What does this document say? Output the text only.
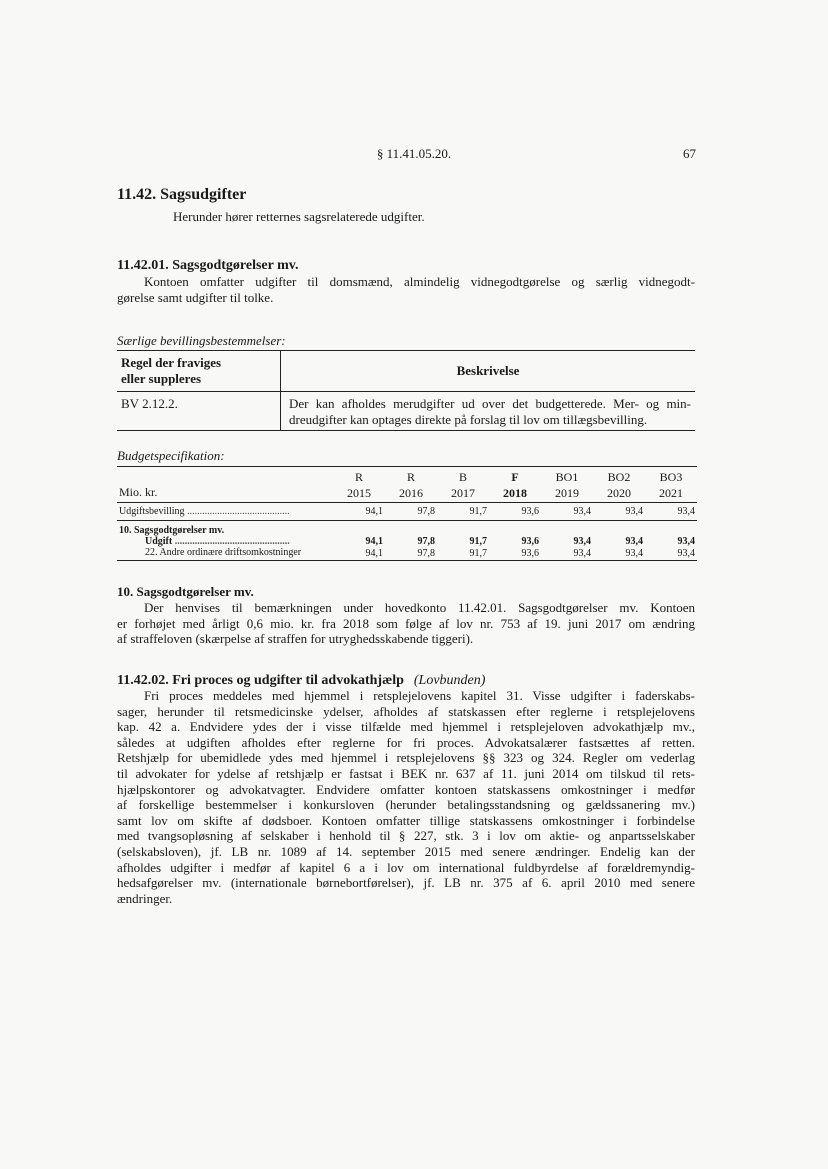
§ 11.41.05.20.	67
11.42. Sagsudgifter
Herunder hører retternes sagsrelaterede udgifter.
11.42.01. Sagsgodtgørelser mv.
Kontoen omfatter udgifter til domsmænd, almindelig vidnegodtgørelse og særlig vidnegodt-
gørelse samt udgifter til tolke.
Særlige bevillingsbestemmelser:
Regel der fraviges
eller suppleres	Beskrivelse
BV 2.12.2.	Der kan afholdes merudgifter ud over det budgetterede. Mer- og min-
dreudgifter kan optages direkte på forslag til lov om tillægsbevilling.
Budgetspecifikation:
	R	R	B	F	BO1	BO2	BO3
Mio. kr.	2015	2016	2017	2018	2019	2020	2021
Udgiftsbevilling .........................................	94,1	97,8	91,7	93,6	93,4	93,4	93,4
10. Sagsgodtgørelser mv.							
Udgift ..............................................	94,1	97,8	91,7	93,6	93,4	93,4	93,4
22. Andre ordinære driftsomkostninger	94,1	97,8	91,7	93,6	93,4	93,4	93,4
10. Sagsgodtgørelser mv.
Der henvises til bemærkningen under hovedkonto 11.42.01. Sagsgodtgørelser mv. Kontoen
er forhøjet med årligt 0,6 mio. kr. fra 2018 som følge af lov nr. 753 af 19. juni 2017 om ændring
af straffeloven (skærpelse af straffen for utryghedsskabende tiggeri).
11.42.02. Fri proces og udgifter til advokathjælp (Lovbunden)
Fri proces meddeles med hjemmel i retsplejelovens kapitel 31. Visse udgifter i faderskabs-
sager, herunder til retsmedicinske ydelser, afholdes af statskassen efter reglerne i retsplejelovens
kap. 42 a. Endvidere ydes der i visse tilfælde med hjemmel i retsplejeloven advokathjælp mv.,
således at udgiften afholdes efter reglerne for fri proces. Advokatsalærer fastsættes af retten.
Retshjælp for ubemidlede ydes med hjemmel i retsplejelovens §§ 323 og 324. Regler om vederlag
til advokater for ydelse af retshjælp er fastsat i BEK nr. 637 af 11. juni 2014 om tilskud til rets-
hjælpskontorer og advokatvagter. Endvidere omfatter kontoen statskassens omkostninger i medfør
af forskellige bestemmelser i konkursloven (herunder betalingsstandsning og gældssanering mv.)
samt lov om skifte af dødsboer. Kontoen omfatter tillige statskassens omkostninger i forbindelse
med tvangsopløsning af selskaber i henhold til § 227, stk. 3 i lov om aktie- og anpartsselskaber
(selskabsloven), jf. LB nr. 1089 af 14. september 2015 med senere ændringer. Endelig kan der
afholdes udgifter i medfør af kapitel 6 a i lov om international fuldbyrdelse af forældremyndig-
hedsafgørelser mv. (internationale børnebortførelser), jf. LB nr. 375 af 6. april 2010 med senere
ændringer.
